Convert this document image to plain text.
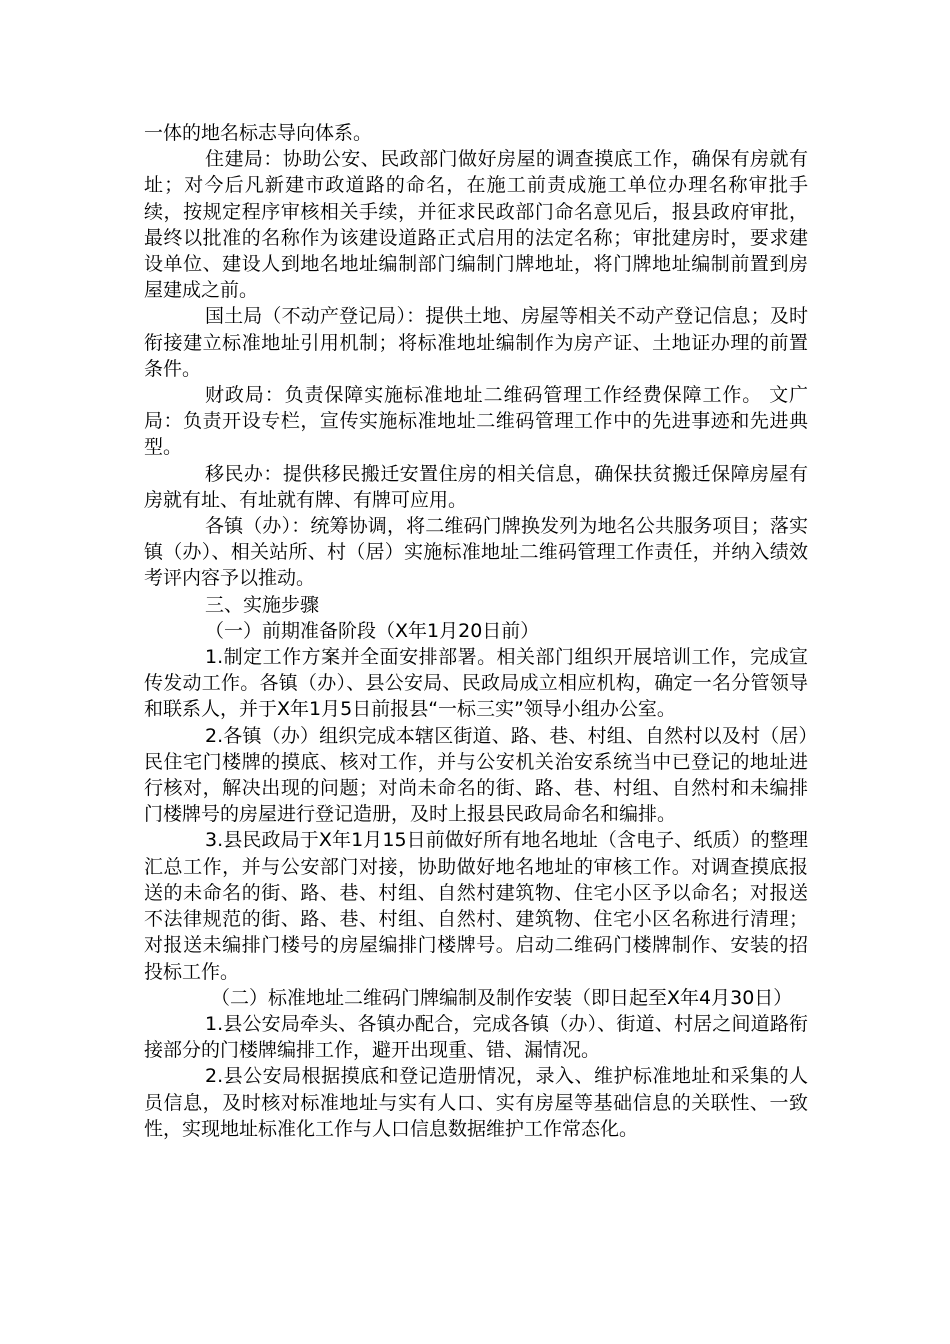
一体的地名标志导向体系。

住建局：协助公安、民政部门做好房屋的调查摸底工作，确保有房就有址；对今后凡新建市政道路的命名，在施工前责成施工单位办理名称审批手续，按规定程序审核相关手续，并征求民政部门命名意见后，报县政府审批，最终以批准的名称作为该建设道路正式启用的法定名称；审批建房时，要求建设单位、建设人到地名地址编制部门编制门牌地址，将门牌地址编制前置到房屋建成之前。

国土局（不动产登记局）：提供土地、房屋等相关不动产登记信息；及时衔接建立标准地址引用机制；将标准地址编制作为房产证、土地证办理的前置条件。

财政局：负责保障实施标准地址二维码管理工作经费保障工作。 文广局：负责开设专栏，宣传实施标准地址二维码管理工作中的先进事迹和先进典型。

移民办：提供移民搬迁安置住房的相关信息，确保扶贫搬迁保障房屋有房就有址、有址就有牌、有牌可应用。

各镇（办）：统筹协调，将二维码门牌换发列为地名公共服务项目；落实镇（办）、相关站所、村（居）实施标准地址二维码管理工作责任，并纳入绩效考评内容予以推动。

三、实施步骤

（一）前期准备阶段（X年1月20日前）

1.制定工作方案并全面安排部署。相关部门组织开展培训工作，完成宣传发动工作。各镇（办）、县公安局、民政局成立相应机构，确定一名分管领导和联系人，并于X年1月5日前报县“一标三实”领导小组办公室。

2.各镇（办）组织完成本辖区街道、路、巷、村组、自然村以及村（居）民住宅门楼牌的摸底、核对工作，并与公安机关治安系统当中已登记的地址进行核对，解决出现的问题；对尚未命名的街、路、巷、村组、自然村和未编排门楼牌号的房屋进行登记造册，及时上报县民政局命名和编排。

3.县民政局于X年1月15日前做好所有地名地址（含电子、纸质）的整理汇总工作，并与公安部门对接，协助做好地名地址的审核工作。对调查摸底报送的未命名的街、路、巷、村组、自然村建筑物、住宅小区予以命名；对报送不法律规范的街、路、巷、村组、自然村、建筑物、住宅小区名称进行清理；对报送未编排门楼号的房屋编排门楼牌号。启动二维码门楼牌制作、安装的招投标工作。

（二）标准地址二维码门牌编制及制作安装（即日起至X年4月30日）

1.县公安局牵头、各镇办配合，完成各镇（办）、街道、村居之间道路衔接部分的门楼牌编排工作，避开出现重、错、漏情况。

2.县公安局根据摸底和登记造册情况，录入、维护标准地址和采集的人员信息，及时核对标准地址与实有人口、实有房屋等基础信息的关联性、一致性，实现地址标准化工作与人口信息数据维护工作常态化。
